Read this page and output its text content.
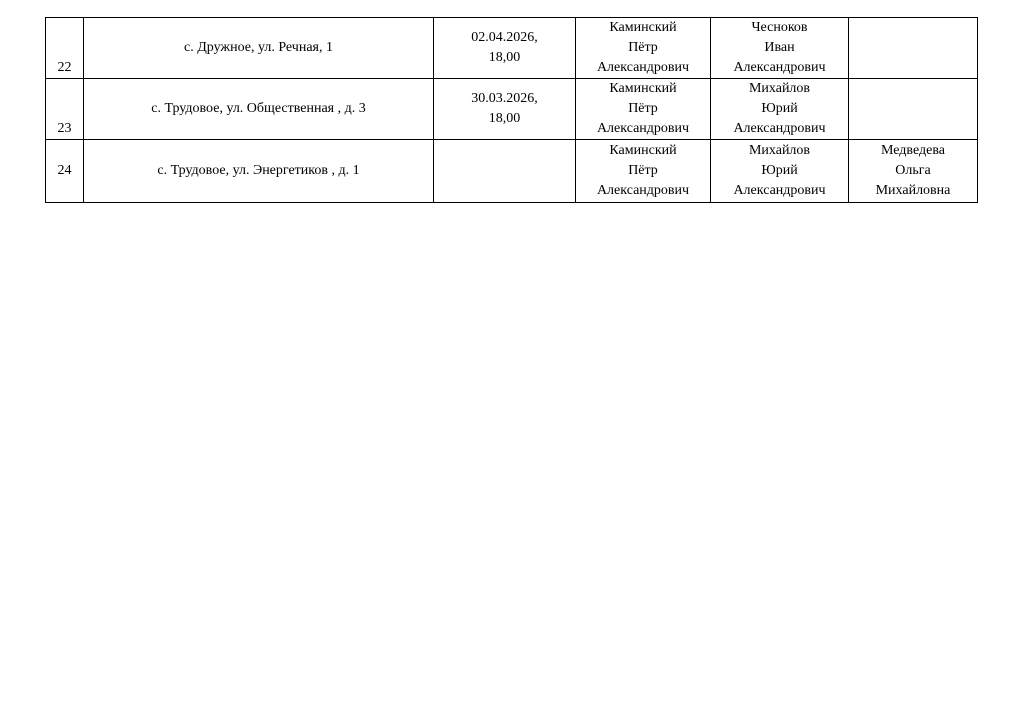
22	с. Дружное, ул. Речная, 1	02.04.2026,
18,00	Каминский
Пётр
Александрович	Чесноков
Иван
Александрович	

23	с. Трудовое, ул. Общественная , д. 3	30.03.2026,
18,00	Каминский
Пётр
Александрович	Михайлов
Юрий
Александрович	

24	с. Трудовое, ул. Энергетиков , д. 1		Каминский
Пётр
Александрович	Михайлов
Юрий
Александрович	Медведева
Ольга
Михайловна
